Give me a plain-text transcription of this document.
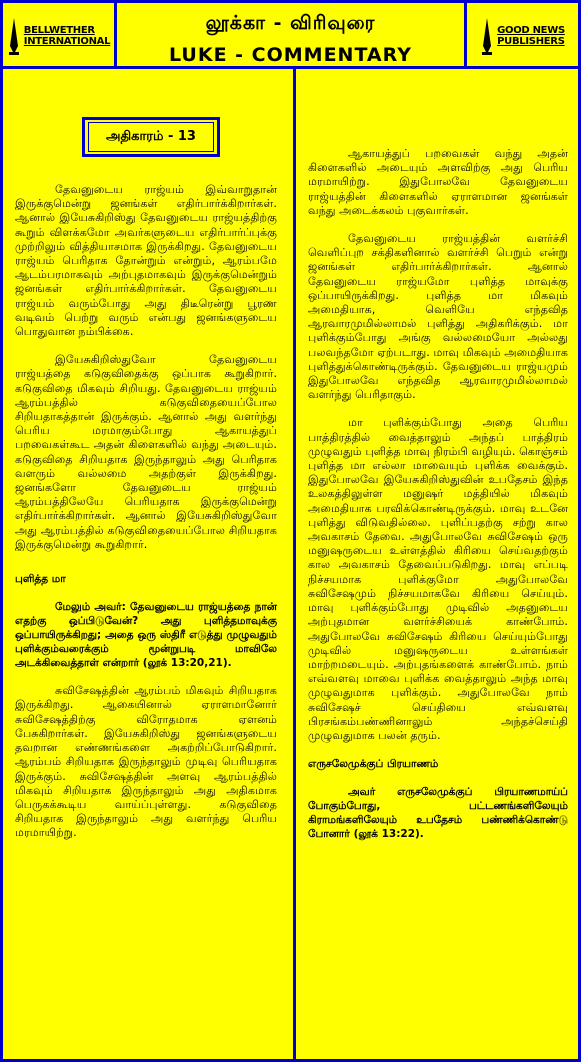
BELLWETHER
INTERNATIONAL
லூக்கா - விரிவுரை
LUKE - COMMENTARY
GOOD NEWS
PUBLISHERS
அதிகாரம் - 13

தேவனுடைய ராஜ்யம் இவ்வாறுதான் இருக்குமென்று ஜனங்கள் எதிர்பார்க்கிறார்கள். ஆனால் இயேசுகிறிஸ்து தேவனுடைய ராஜ்யத்திற்கு கூறும் விளக்கமோ அவர்களுடைய எதிர்பார்ப்புக்கு முற்றிலும் வித்தியாசமாக இருக்கிறது. தேவனுடைய ராஜ்யம் பெரிதாக தோன்றும் என்றும், ஆரம்பமே ஆடம்பரமாகவும் அற்புதமாகவும் இருக்குமென்றும் ஜனங்கள் எதிர்பார்க்கிறார்கள். தேவனுடைய ராஜ்யம் வரும்போது அது திடீரென்று பூரண வடிவம் பெற்று வரும் என்பது ஜனங்களுடைய பொதுவான நம்பிக்கை.

இயேசுகிறிஸ்துவோ தேவனுடைய ராஜ்யத்தை கடுகுவிதைக்கு ஒப்பாக கூறுகிறார். கடுகுவிதை மிகவும் சிறியது. தேவனுடைய ராஜ்யம் ஆரம்பத்தில் கடுகுவிதையைப்போல சிறியதாகத்தான் இருக்கும். ஆனால் அது வளர்ந்து பெரிய மரமாகும்போது ஆகாயத்துப் பறவைகள்கூட அதன் கிளைகளில் வந்து அடையும். கடுகுவிதை சிறியதாக இருந்தாலும் அது பெரிதாக வளரும் வல்லமை அதற்குள் இருக்கிறது. ஜனங்களோ தேவனுடைய ராஜ்யம் ஆரம்பத்திலேயே பெரியதாக இருக்குமென்று எதிர்பார்க்கிறார்கள். ஆனால் இயேசுகிறிஸ்துவோ அது ஆரம்பத்தில் கடுகுவிதையைப்போல சிறியதாக இருக்குமென்று கூறுகிறார்.

புளித்த மா

மேலும் அவர்: தேவனுடைய ராஜ்யத்தை நான் எதற்கு ஒப்பிடுவேன்? அது புளித்தமாவுக்கு ஒப்பாயிருக்கிறது; அதை ஒரு ஸ்திரீ எடுத்து முழுவதும் புளிக்கும்வரைக்கும் மூன்றுபடி மாவிலே அடக்கிவைத்தாள் என்றார் (லூக் 13:20,21).

சுவிசேஷத்தின் ஆரம்பம் மிகவும் சிறியதாக இருக்கிறது. ஆகையினால் ஏராளமானோர் சுவிசேஷத்திற்கு விரோதமாக ஏளனம் பேசுகிறார்கள். இயேசுகிறிஸ்து ஜனங்களுடைய தவறான எண்ணங்களை அகற்றிப்போடுகிறார். ஆரம்பம் சிறியதாக இருந்தாலும் முடிவு பெரியதாக இருக்கும். சுவிசேஷத்தின் அளவு ஆரம்பத்தில் மிகவும் சிறியதாக இருந்தாலும் அது அதிகமாக பெருகக்கூடிய வாய்ப்புள்ளது. கடுகுவிதை சிறியதாக இருந்தாலும் அது வளர்ந்து பெரிய மரமாயிற்று.

ஆகாயத்துப் பறவைகள் வந்து அதன் கிளைகளில் அடையும் அளவிற்கு அது பெரிய மரமாயிற்று. இதுபோலவே தேவனுடைய ராஜ்யத்தின் கிளைகளில் ஏராளமான ஜனங்கள் வந்து அடைக்கலம் புகுவார்கள்.

தேவனுடைய ராஜ்யத்தின் வளர்ச்சி வெளிப்புற சக்திகளினால் வளர்ச்சி பெறும் என்று ஜனங்கள் எதிர்பார்க்கிறார்கள். ஆனால் தேவனுடைய ராஜ்யமோ புளித்த மாவுக்கு ஒப்பாயிருக்கிறது. புளித்த மா மிகவும் அமைதியாக, வெளியே எந்தவித ஆரவாரமுமில்லாமல் புளித்து அதிகரிக்கும். மா புளிக்கும்போது அங்கு வல்லமையோ அல்லது பலவந்தமோ ஏற்படாது. மாவு மிகவும் அமைதியாக புளித்துக்கொண்டிருக்கும். தேவனுடைய ராஜ்யமும் இதுபோலவே எந்தவித ஆரவாரமுமில்லாமல் வளர்ந்து பெரிதாகும்.

மா புளிக்கும்போது அதை பெரிய பாத்திரத்தில் வைத்தாலும் அந்தப் பாத்திரம் முழுவதும் புளித்த மாவு நிரம்பி வழியும். கொஞ்சம் புளித்த மா எல்லா மாவையும் புளிக்க வைக்கும். இதுபோலவே இயேசுகிறிஸ்துவின் உபதேசம் இந்த உலகத்திலுள்ள மனுஷர் மத்தியில் மிகவும் அமைதியாக பரவிக்கொண்டிருக்கும். மாவு உடனே புளித்து விடுவதில்லை. புளிப்பதற்கு சற்று கால அவகாசம் தேவை. அதுபோலவே சுவிசேஷம் ஒரு மனுஷருடைய உள்ளத்தில் கிரியை செய்வதற்கும் கால அவகாசம் தேவைப்படுகிறது. மாவு எப்படி நிச்சயமாக புளிக்குமோ அதுபோலவே சுவிசேஷமும் நிச்சயமாகவே கிரியை செய்யும். மாவு புளிக்கும்போது முடிவில் அதனுடைய அற்புதமான வளர்ச்சியைக் காண்போம். அதுபோலவே சுவிசேஷம் கிரியை செய்யும்போது முடிவில் மனுஷருடைய உள்ளங்கள் மாற்றமடையும். அற்புதங்களைக் காண்போம். நாம் எவ்வளவு மாவை புளிக்க வைத்தாலும் அந்த மாவு முழுவதுமாக புளிக்கும். அதுபோலவே நாம் சுவிசேஷச் செய்தியை எவ்வளவு பிரசங்கம்பண்ணினாலும் அந்தச்செய்தி முழுவதுமாக பலன் தரும்.

எருசலேமுக்குப் பிரயாணம்

அவர் எருசலேமுக்குப் பிரயாணமாய்ப் போகும்போது, பட்டணங்களிலேயும் கிராமங்களிலேயும் உபதேசம் பண்ணிக்கொண்டு போனார் (லூக் 13:22).
